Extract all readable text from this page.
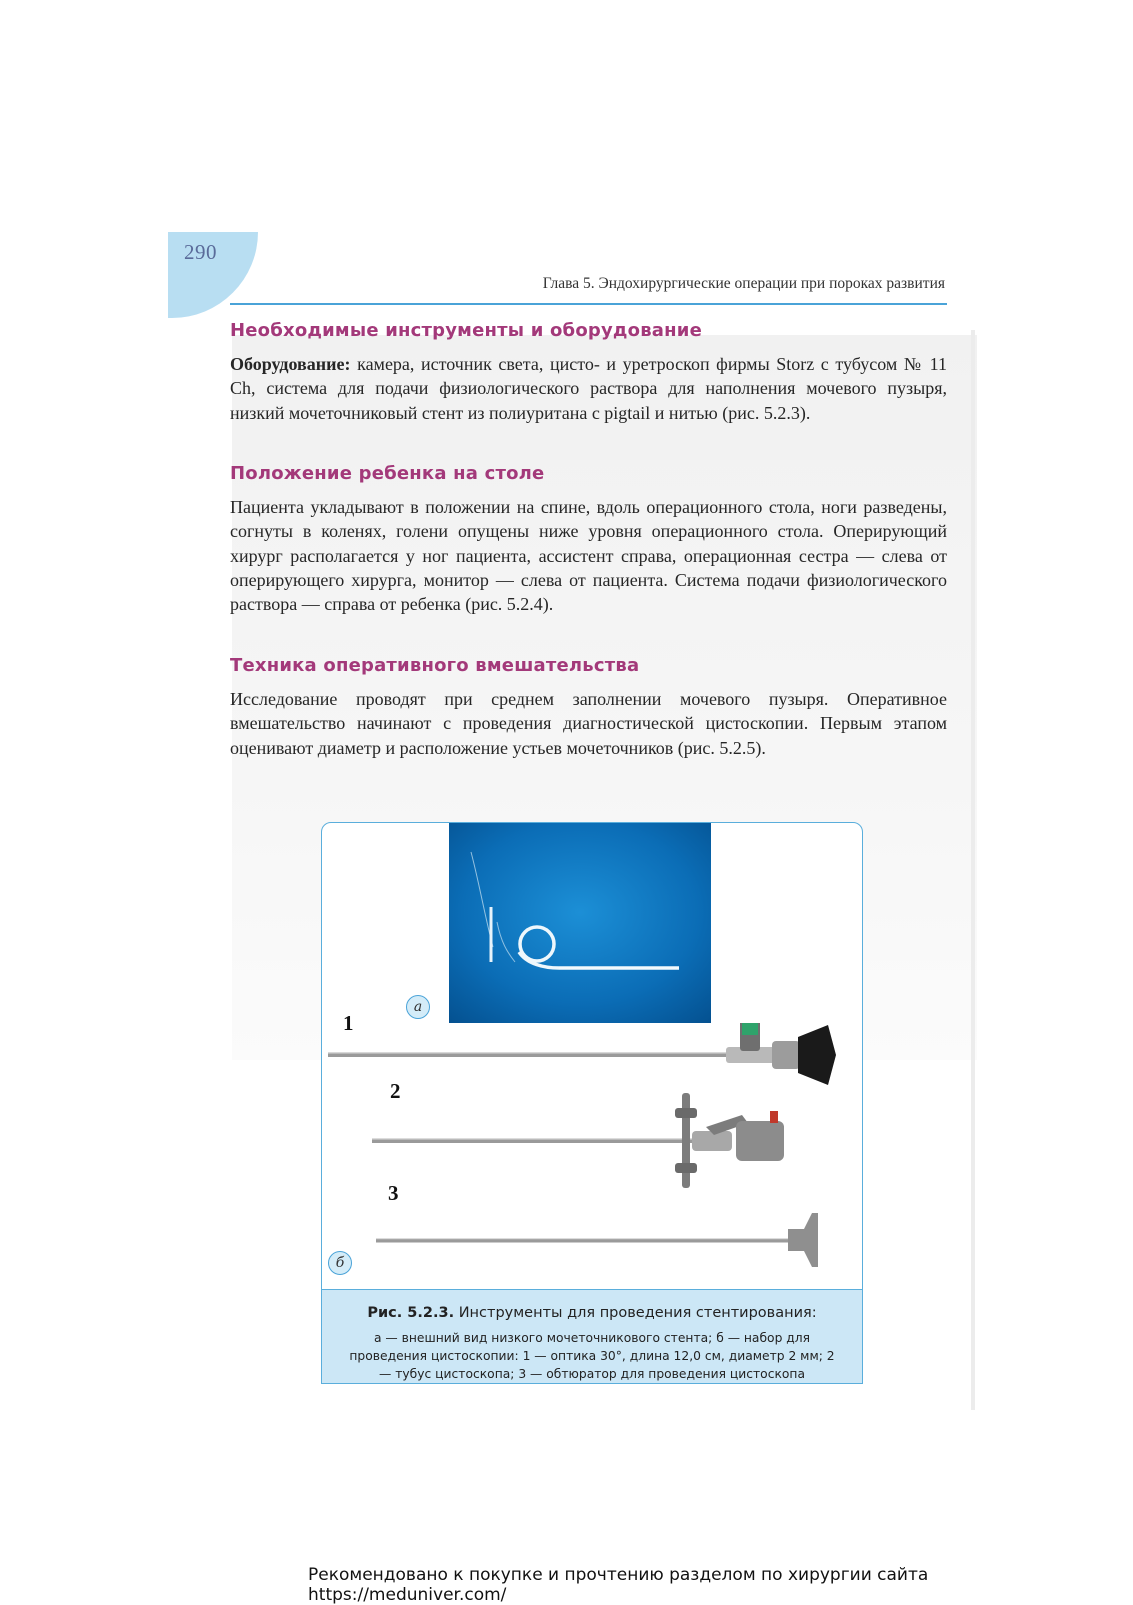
290
Глава 5. Эндохирургические операции при пороках развития
Необходимые инструменты и оборудование

Оборудование: камера, источник света, цисто- и уретроскоп фирмы Storz с тубусом № 11 Ch, система для подачи физиологического раствора для наполнения мочевого пузыря, низкий мочеточниковый стент из полиуритана с pigtail и нитью (рис. 5.2.3).

Положение ребенка на столе

Пациента укладывают в положении на спине, вдоль операционного стола, ноги разведены, согнуты в коленях, голени опущены ниже уровня операционного стола. Оперирующий хирург располагается у ног пациента, ассистент справа, операционная сестра — слева от оперирующего хирурга, монитор — слева от пациента. Система подачи физиологического раствора — справа от ребенка (рис. 5.2.4).

Техника оперативного вмешательства

Исследование проводят при среднем заполнении мочевого пузыря. Оперативное вмешательство начинают с проведения диагностической цистоскопии. Первым этапом оценивают диаметр и расположение устьев мочеточников (рис. 5.2.5).

а
1
2
3
б
Рис. 5.2.3. Инструменты для проведения стентирования:
а — внешний вид низкого мочеточникового стента; б — набор для проведения цистоскопии: 1 — оптика 30°, длина 12,0 см, диаметр 2 мм; 2 — тубус цистоскопа; 3 — обтюратор для проведения цистоскопа
Рекомендовано к покупке и прочтению разделом по хирургии сайта https://meduniver.com/
